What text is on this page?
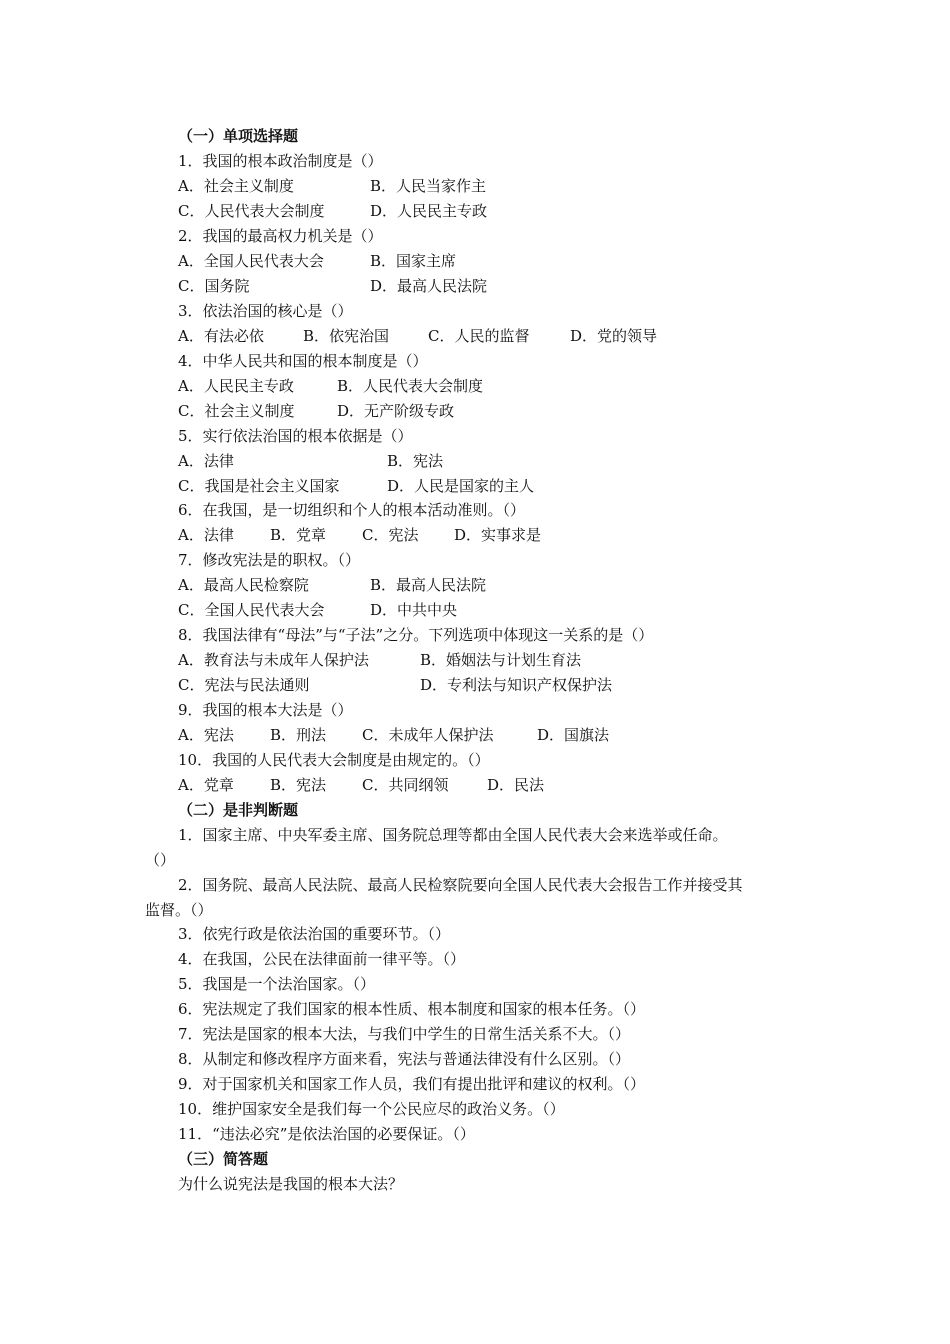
（一）单项选择题
1．我国的根本政治制度是（）
A．社会主义制度	B．人民当家作主
C．人民代表大会制度	D．人民民主专政
2．我国的最高权力机关是（）
A．全国人民代表大会	B．国家主席
C．国务院	D．最高人民法院
3．依法治国的核心是（）
A．有法必依	B．依宪治国	C．人民的监督	D．党的领导
4．中华人民共和国的根本制度是（）
A．人民民主专政	B．人民代表大会制度
C．社会主义制度	D．无产阶级专政
5．实行依法治国的根本依据是（）
A．法律	B．宪法
C．我国是社会主义国家	D．人民是国家的主人
6．在我国，是一切组织和个人的根本活动准则。（）
A．法律 B．党章 C．宪法 D．实事求是
7．修改宪法是的职权。（）
A．最高人民检察院	B．最高人民法院
C．全国人民代表大会	D．中共中央
8．我国法律有“母法”与“子法”之分。下列选项中体现这一关系的是（）
A．教育法与未成年人保护法	B．婚姻法与计划生育法
C．宪法与民法通则	D．专利法与知识产权保护法
9．我国的根本大法是（）
A．宪法 B．刑法 C．未成年人保护法	D．国旗法
10．我国的人民代表大会制度是由规定的。（）
A．党章 B．宪法 C．共同纲领	D．民法
（二）是非判断题
1．国家主席、中央军委主席、国务院总理等都由全国人民代表大会来选举或任命。
（）
2．国务院、最高人民法院、最高人民检察院要向全国人民代表大会报告工作并接受其
监督。（）
3．依宪行政是依法治国的重要环节。（）
4．在我国，公民在法律面前一律平等。（）
5．我国是一个法治国家。（）
6．宪法规定了我们国家的根本性质、根本制度和国家的根本任务。（）
7．宪法是国家的根本大法，与我们中学生的日常生活关系不大。（）
8．从制定和修改程序方面来看，宪法与普通法律没有什么区别。（）
9．对于国家机关和国家工作人员，我们有提出批评和建议的权利。（）
10．维护国家安全是我们每一个公民应尽的政治义务。（）
11．“违法必究”是依法治国的必要保证。（）
（三）简答题
为什么说宪法是我国的根本大法？
